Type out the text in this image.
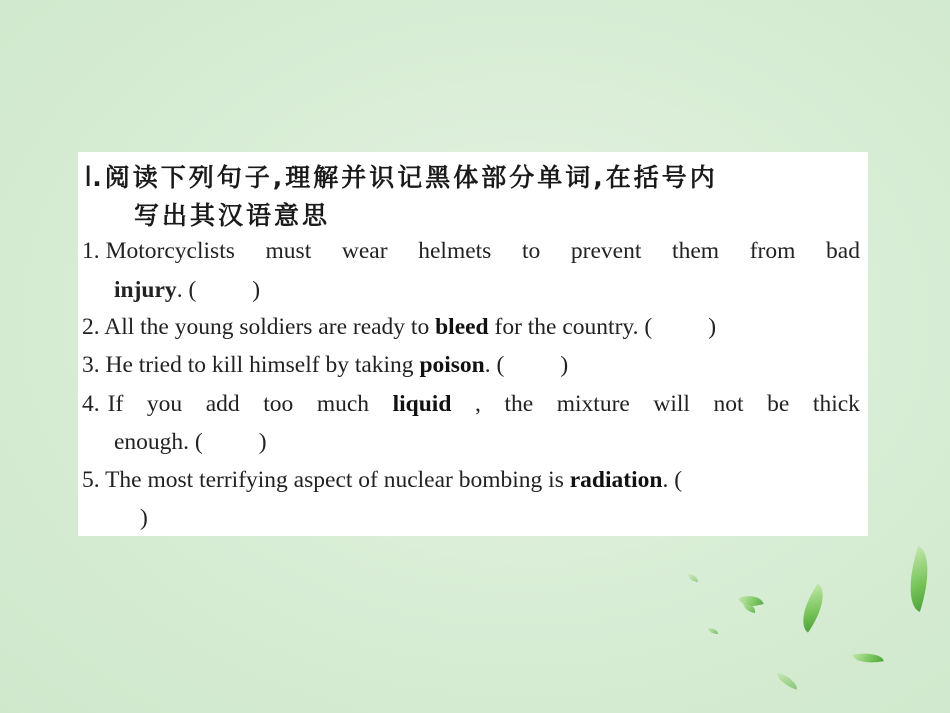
Ⅰ.阅读下列句子,理解并识记黑体部分单词,在括号内
写出其汉语意思
1. Motorcyclists must wear helmets to prevent them from bad
injury. ( )
2. All the young soldiers are ready to bleed for the country. ( )
3. He tried to kill himself by taking poison. ( )
4. If you add too much liquid , the mixture will not be thick
enough. ( )
5. The most terrifying aspect of nuclear bombing is radiation. (
)
